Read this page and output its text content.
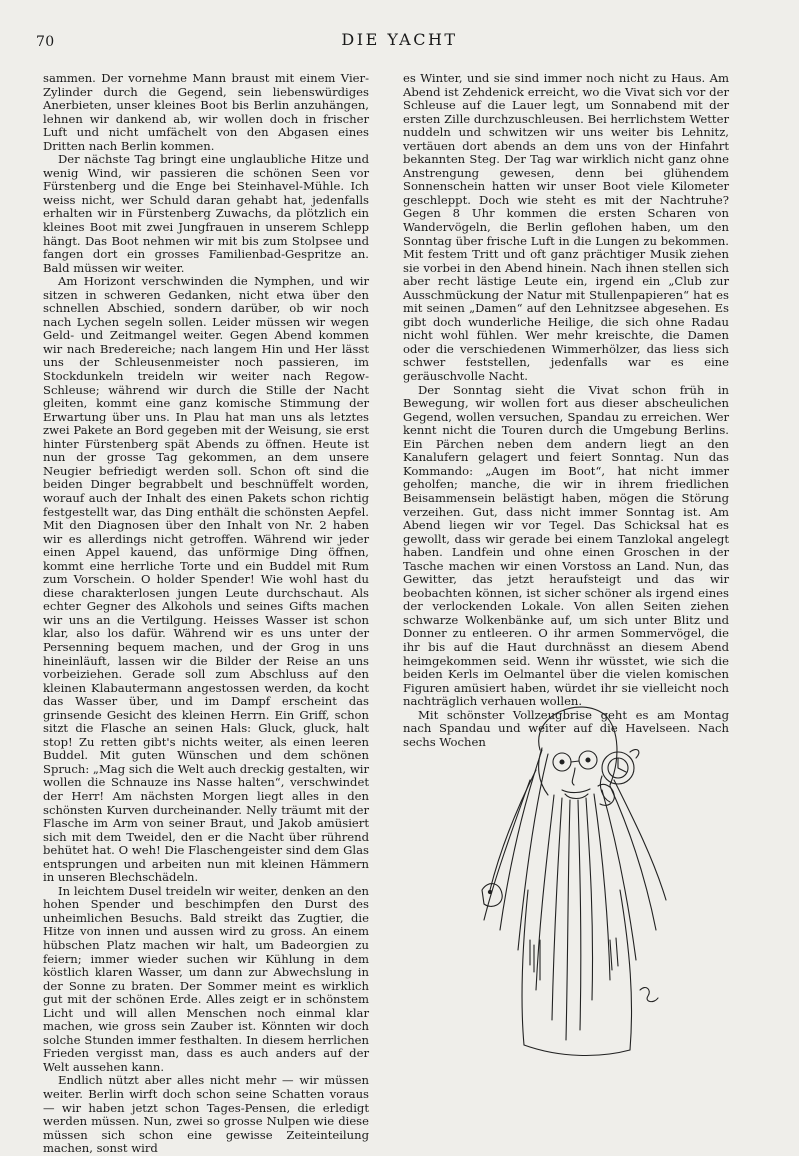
70	DIE YACHT

sammen. Der vornehme Mann braust mit einem Vier-Zylinder durch die Gegend, sein liebenswürdiges Anerbieten, unser kleines Boot bis Berlin anzuhängen, lehnen wir dankend ab, wir wollen doch in frischer Luft und nicht umfächelt von den Abgasen eines Dritten nach Berlin kommen.

Der nächste Tag bringt eine unglaubliche Hitze und wenig Wind, wir passieren die schönen Seen vor Fürstenberg und die Enge bei Steinhavel-Mühle. Ich weiss nicht, wer Schuld daran gehabt hat, jedenfalls erhalten wir in Fürstenberg Zuwachs, da plötzlich ein kleines Boot mit zwei Jungfrauen in unserem Schlepp hängt. Das Boot nehmen wir mit bis zum Stolpsee und fangen dort ein grosses Familienbad-Gespritze an. Bald müssen wir weiter.

Am Horizont verschwinden die Nymphen, und wir sitzen in schweren Gedanken, nicht etwa über den schnellen Abschied, sondern darüber, ob wir noch nach Lychen segeln sollen. Leider müssen wir wegen Geld- und Zeitmangel weiter. Gegen Abend kommen wir nach Bredereiche; nach langem Hin und Her lässt uns der Schleusenmeister noch passieren, im Stockdunkeln treideln wir weiter nach Regow-Schleuse; während wir durch die Stille der Nacht gleiten, kommt eine ganz komische Stimmung der Erwartung über uns. In Plau hat man uns als letztes zwei Pakete an Bord gegeben mit der Weisung, sie erst hinter Fürstenberg spät Abends zu öffnen. Heute ist nun der grosse Tag gekommen, an dem unsere Neugier befriedigt werden soll. Schon oft sind die beiden Dinger begrabbelt und beschnüffelt worden, worauf auch der Inhalt des einen Pakets schon richtig festgestellt war, das Ding enthält die schönsten Aepfel. Mit den Diagnosen über den Inhalt von Nr. 2 haben wir es allerdings nicht getroffen. Während wir jeder einen Appel kauend, das unförmige Ding öffnen, kommt eine herrliche Torte und ein Buddel mit Rum zum Vorschein. O holder Spender! Wie wohl hast du diese charakterlosen jungen Leute durchschaut. Als echter Gegner des Alkohols und seines Gifts machen wir uns an die Vertilgung. Heisses Wasser ist schon klar, also los dafür. Während wir es uns unter der Persenning bequem machen, und der Grog in uns hineinläuft, lassen wir die Bilder der Reise an uns vorbeiziehen. Gerade soll zum Abschluss auf den kleinen Klabautermann angestossen werden, da kocht das Wasser über, und im Dampf erscheint das grinsende Gesicht des kleinen Herrn. Ein Griff, schon sitzt die Flasche an seinen Hals: Gluck, gluck, halt stop! Zu retten gibt's nichts weiter, als einen leeren Buddel. Mit guten Wünschen und dem schönen Spruch: „Mag sich die Welt auch dreckig gestalten, wir wollen die Schnauze ins Nasse halten“, verschwindet der Herr! Am nächsten Morgen liegt alles in den schönsten Kurven durcheinander. Nelly träumt mit der Flasche im Arm von seiner Braut, und Jakob amüsiert sich mit dem Tweidel, den er die Nacht über rührend behütet hat. O weh! Die Flaschengeister sind dem Glas entsprungen und arbeiten nun mit kleinen Hämmern in unseren Blechschädeln.

In leichtem Dusel treideln wir weiter, denken an den hohen Spender und beschimpfen den Durst des unheimlichen Besuchs. Bald streikt das Zugtier, die Hitze von innen und aussen wird zu gross. An einem hübschen Platz machen wir halt, um Badeorgien zu feiern; immer wieder suchen wir Kühlung in dem köstlich klaren Wasser, um dann zur Abwechslung in der Sonne zu braten. Der Sommer meint es wirklich gut mit der schönen Erde. Alles zeigt er in schönstem Licht und will allen Menschen noch einmal klar machen, wie gross sein Zauber ist. Könnten wir doch solche Stunden immer festhalten. In diesem herrlichen Frieden vergisst man, dass es auch anders auf der Welt aussehen kann.

Endlich nützt aber alles nicht mehr — wir müssen weiter. Berlin wirft doch schon seine Schatten voraus — wir haben jetzt schon Tages-Pensen, die erledigt werden müssen. Nun, zwei so grosse Nulpen wie diese müssen sich schon eine gewisse Zeiteinteilung machen, sonst wird

es Winter, und sie sind immer noch nicht zu Haus. Am Abend ist Zehdenick erreicht, wo die Vivat sich vor der Schleuse auf die Lauer legt, um Sonnabend mit der ersten Zille durchzuschleusen. Bei herrlichstem Wetter nuddeln und schwitzen wir uns weiter bis Lehnitz, vertäuen dort abends an dem uns von der Hinfahrt bekannten Steg. Der Tag war wirklich nicht ganz ohne Anstrengung gewesen, denn bei glühendem Sonnenschein hatten wir unser Boot viele Kilometer geschleppt. Doch wie steht es mit der Nachtruhe? Gegen 8 Uhr kommen die ersten Scharen von Wandervögeln, die Berlin geflohen haben, um den Sonntag über frische Luft in die Lungen zu bekommen. Mit festem Tritt und oft ganz prächtiger Musik ziehen sie vorbei in den Abend hinein. Nach ihnen stellen sich aber recht lästige Leute ein, irgend ein „Club zur Ausschmückung der Natur mit Stullenpapieren“ hat es mit seinen „Damen“ auf den Lehnitzsee abgesehen. Es gibt doch wunderliche Heilige, die sich ohne Radau nicht wohl fühlen. Wer mehr kreischte, die Damen oder die verschiedenen Wimmerhölzer, das liess sich schwer feststellen, jedenfalls war es eine geräuschvolle Nacht.

Der Sonntag sieht die Vivat schon früh in Bewegung, wir wollen fort aus dieser abscheulichen Gegend, wollen versuchen, Spandau zu erreichen. Wer kennt nicht die Touren durch die Umgebung Berlins. Ein Pärchen neben dem andern liegt an den Kanalufern gelagert und feiert Sonntag. Nun das Kommando: „Augen im Boot“, hat nicht immer geholfen; manche, die wir in ihrem friedlichen Beisammensein belästigt haben, mögen die Störung verzeihen. Gut, dass nicht immer Sonntag ist. Am Abend liegen wir vor Tegel. Das Schicksal hat es gewollt, dass wir gerade bei einem Tanzlokal angelegt haben. Landfein und ohne einen Groschen in der Tasche machen wir einen Vorstoss an Land. Nun, das Gewitter, das jetzt heraufsteigt und das wir beobachten können, ist sicher schöner als irgend eines der verlockenden Lokale. Von allen Seiten ziehen schwarze Wolkenbänke auf, um sich unter Blitz und Donner zu entleeren. O ihr armen Sommervögel, die ihr bis auf die Haut durchnässt an diesem Abend heimgekommen seid. Wenn ihr wüsstet, wie sich die beiden Kerls im Oelmantel über die vielen komischen Figuren amüsiert haben, würdet ihr sie vielleicht noch nachträglich verhauen wollen.

Mit schönster Vollzeugbrise geht es am Montag nach Spandau und weiter auf die Havelseen. Nach sechs Wochen
